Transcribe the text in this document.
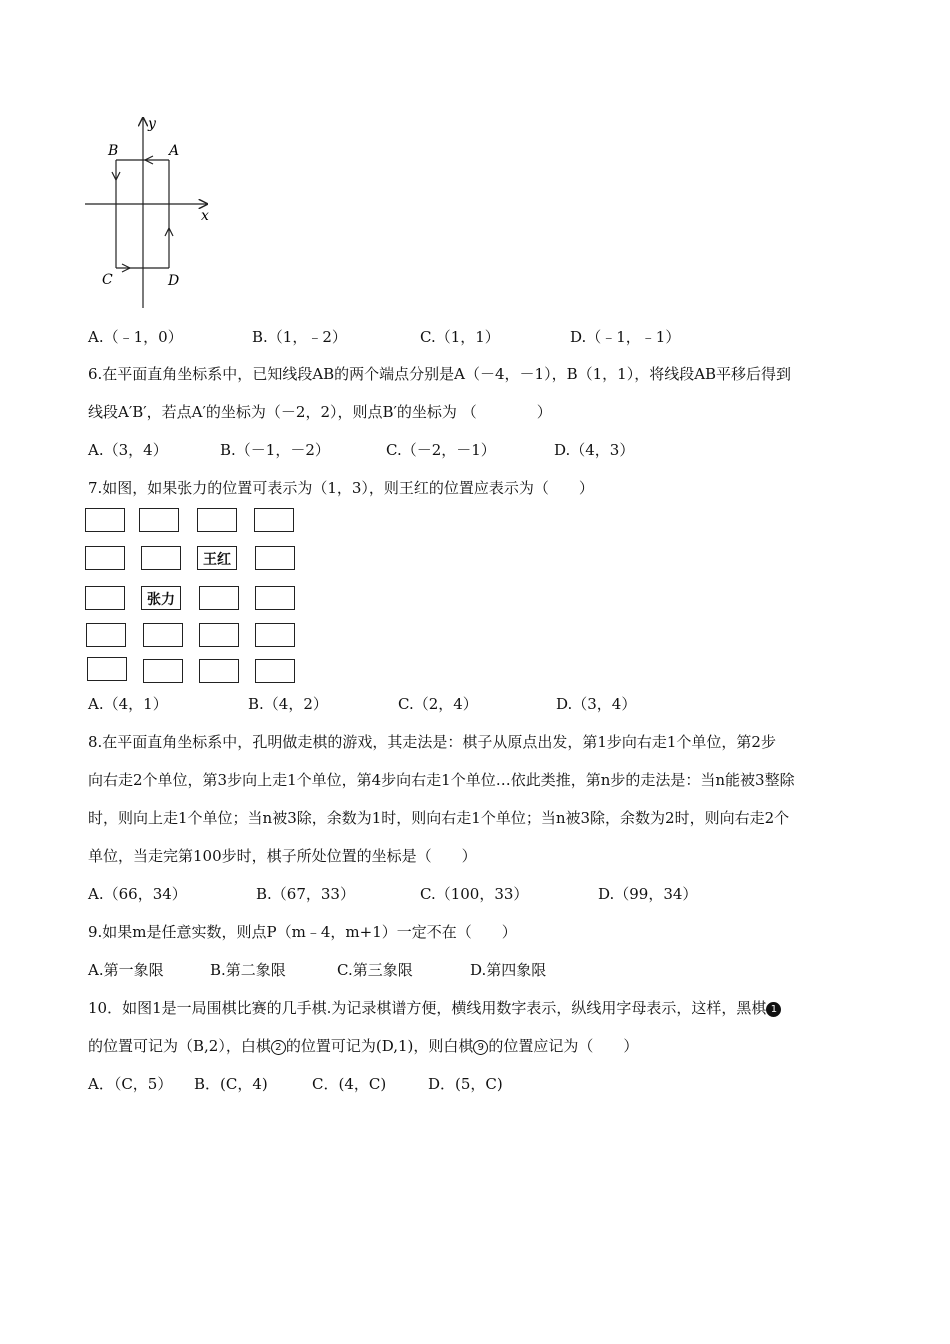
y
x
B	A
C	D
A.（﹣1，0）	B.（1，﹣2）	C.（1，1）	D.（﹣1，﹣1）
6.在平面直角坐标系中，已知线段AB的两个端点分别是A（－4，－1），B（1，1），将线段AB平移后得到
线段A′B′，若点A′的坐标为（－2，2），则点B′的坐标为 （　　　　）
A.（3，4）	B.（－1，－2）	C.（－2，－1）	D.（4，3）
7.如图，如果张力的位置可表示为（1，3），则王红的位置应表示为（　　）
王红
张力
A.（4，1）	B.（4，2）	C.（2，4）	D.（3，4）
8.在平面直角坐标系中，孔明做走棋的游戏，其走法是：棋子从原点出发，第1步向右走1个单位，第2步
向右走2个单位，第3步向上走1个单位，第4步向右走1个单位…依此类推，第n步的走法是：当n能被3整除
时，则向上走1个单位；当n被3除，余数为1时，则向右走1个单位；当n被3除，余数为2时，则向右走2个
单位，当走完第100步时，棋子所处位置的坐标是（　　）
A.（66，34）	B.（67，33）	C.（100，33）	D.（99，34）
9.如果m是任意实数，则点P（m﹣4，m+1）一定不在（　　）
A.第一象限	B.第二象限	C.第三象限	D.第四象限
10．如图1是一局围棋比赛的几手棋.为记录棋谱方便，横线用数字表示，纵线用字母表示，这样，黑棋 1
的位置可记为（B,2），白棋 2 的位置可记为(D,1)，则白棋 9 的位置应记为（　　）
A．（C，5） B．(C，4)	C．(4，C)	D．(5，C)
